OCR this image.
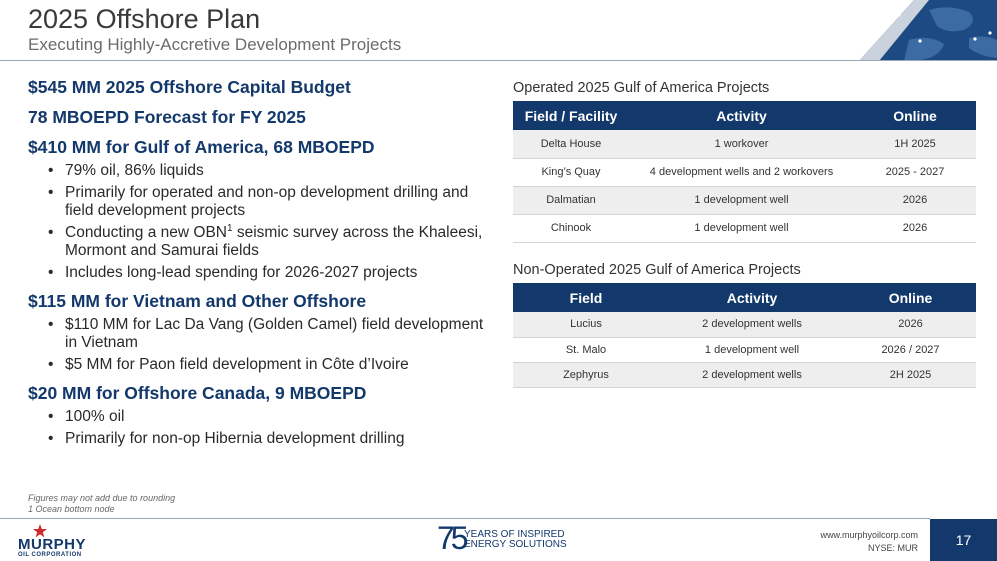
2025 Offshore Plan
Executing Highly-Accretive Development Projects
$545 MM 2025 Offshore Capital Budget
78 MBOEPD Forecast for FY 2025
$410 MM for Gulf of America, 68 MBOEPD
• 79% oil, 86% liquids
• Primarily for operated and non-op development drilling and field development projects
• Conducting a new OBN$^1$ seismic survey across the Khaleesi, Mormont and Samurai fields
• Includes long-lead spending for 2026-2027 projects
$115 MM for Vietnam and Other Offshore
• $110 MM for Lac Da Vang (Golden Camel) field development in Vietnam
• $5 MM for Paon field development in Côte d’Ivoire
$20 MM for Offshore Canada, 9 MBOEPD
• 100% oil
• Primarily for non-op Hibernia development drilling
Operated 2025 Gulf of America Projects
Field / Facility	Activity	Online
Delta House	1 workover	1H 2025
King’s Quay	4 development wells and 2 workovers	2025 - 2027
Dalmatian	1 development well	2026
Chinook	1 development well	2026
Non-Operated 2025 Gulf of America Projects
Field	Activity	Online
Lucius	2 development wells	2026
St. Malo	1 development well	2026 / 2027
Zephyrus	2 development wells	2H 2025
Figures may not add due to rounding
1 Ocean bottom node
MURPHY
OIL CORPORATION	75 YEARS OF INSPIRED
ENERGY SOLUTIONS
www.murphyoilcorp.com
NYSE: MUR	17
